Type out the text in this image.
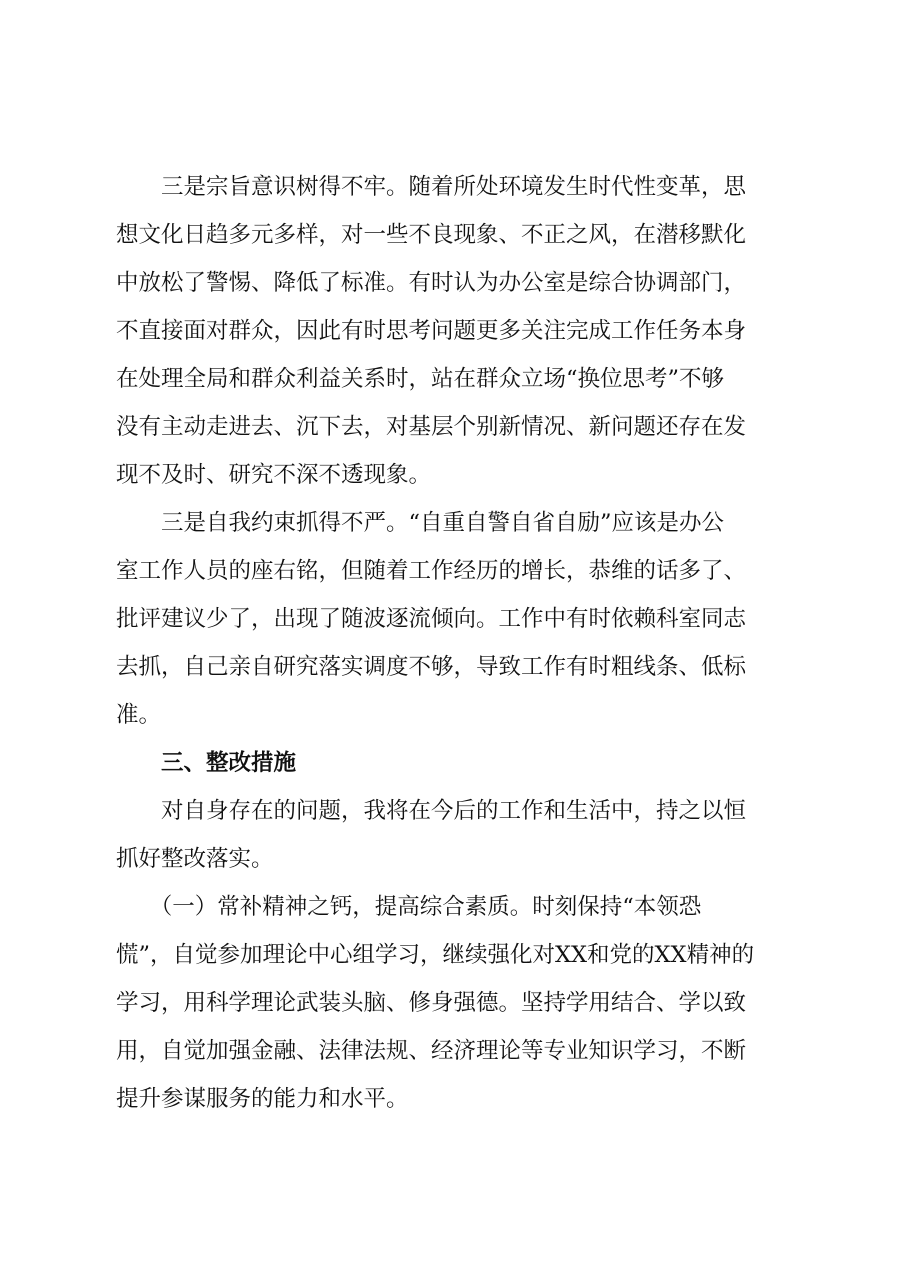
　　三是宗旨意识树得不牢。随着所处环境发生时代性变革，思
想文化日趋多元多样，对一些不良现象、不正之风，在潜移默化
中放松了警惕、降低了标准。有时认为办公室是综合协调部门，
不直接面对群众，因此有时思考问题更多关注完成工作任务本身
在处理全局和群众利益关系时，站在群众立场“换位思考”不够
没有主动走进去、沉下去，对基层个别新情况、新问题还存在发
现不及时、研究不深不透现象。
　　三是自我约束抓得不严。“自重自警自省自励”应该是办公
室工作人员的座右铭，但随着工作经历的增长，恭维的话多了、
批评建议少了，出现了随波逐流倾向。工作中有时依赖科室同志
去抓，自己亲自研究落实调度不够，导致工作有时粗线条、低标
准。
　　三、整改措施
　　对自身存在的问题，我将在今后的工作和生活中，持之以恒
抓好整改落实。
　　（一）常补精神之钙，提高综合素质。时刻保持“本领恐
慌”，自觉参加理论中心组学习，继续强化对XX和党的XX精神的
学习，用科学理论武装头脑、修身强德。坚持学用结合、学以致
用，自觉加强金融、法律法规、经济理论等专业知识学习，不断
提升参谋服务的能力和水平。
